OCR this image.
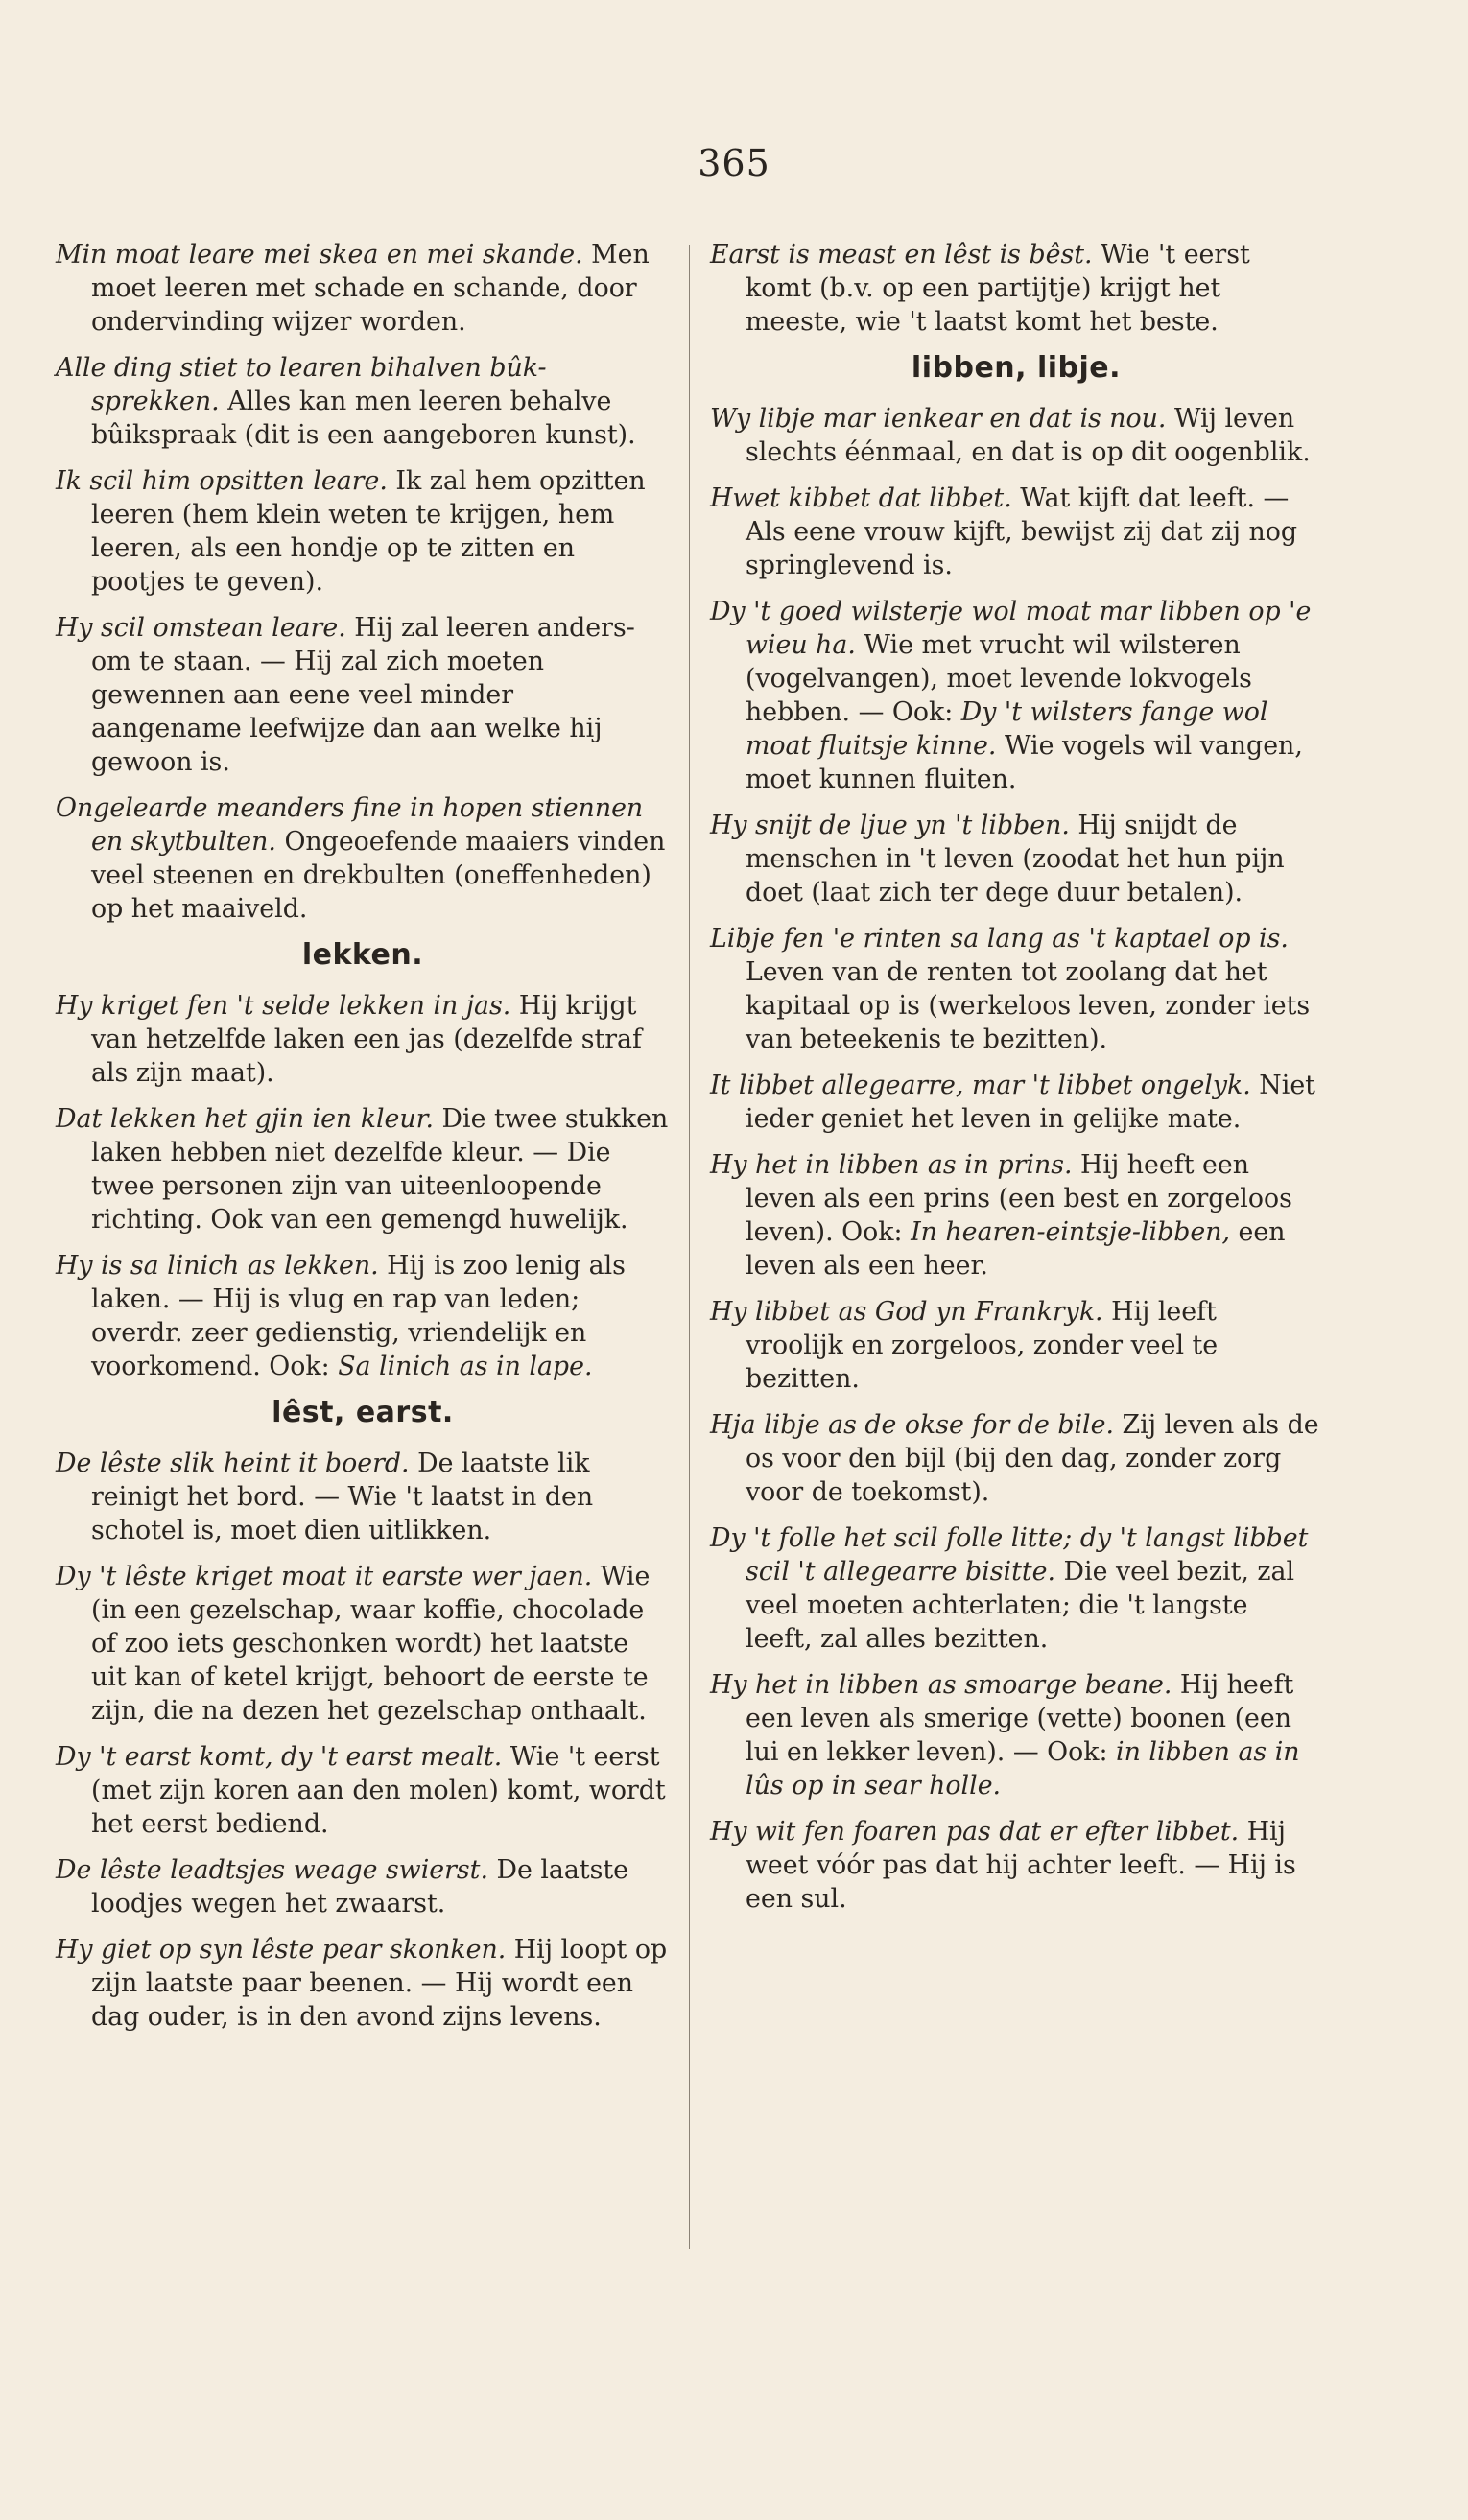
365

Min moat leare mei skea en mei skande. Men moet leeren met schade en schande, door ondervinding wijzer worden.

Alle ding stiet to learen bihalven bûk-sprekken. Alles kan men leeren behalve bûikspraak (dit is een aangeboren kunst).

Ik scil him opsitten leare. Ik zal hem opzitten leeren (hem klein weten te krijgen, hem leeren, als een hondje op te zitten en pootjes te geven).

Hy scil omstean leare. Hij zal leeren anders-om te staan. — Hij zal zich moeten gewennen aan eene veel minder aangename leefwijze dan aan welke hij gewoon is.

Ongelearde meanders fine in hopen stiennen en skytbulten. Ongeoefende maaiers vinden veel steenen en drekbulten (oneffenheden) op het maaiveld.

lekken.

Hy kriget fen 't selde lekken in jas. Hij krijgt van hetzelfde laken een jas (dezelfde straf als zijn maat).

Dat lekken het gjin ien kleur. Die twee stukken laken hebben niet dezelfde kleur. — Die twee personen zijn van uiteenloopende richting. Ook van een gemengd huwelijk.

Hy is sa linich as lekken. Hij is zoo lenig als laken. — Hij is vlug en rap van leden; overdr. zeer gedienstig, vriendelijk en voorkomend. Ook: Sa linich as in lape.

lêst, earst.

De lêste slik heint it boerd. De laatste lik reinigt het bord. — Wie 't laatst in den schotel is, moet dien uitlikken.

Dy 't lêste kriget moat it earste wer jaen. Wie (in een gezelschap, waar koffie, chocolade of zoo iets geschonken wordt) het laatste uit kan of ketel krijgt, behoort de eerste te zijn, die na dezen het gezelschap onthaalt.

Dy 't earst komt, dy 't earst mealt. Wie 't eerst (met zijn koren aan den molen) komt, wordt het eerst bediend.

De lêste leadtsjes weage swierst. De laatste loodjes wegen het zwaarst.

Hy giet op syn lêste pear skonken. Hij loopt op zijn laatste paar beenen. — Hij wordt een dag ouder, is in den avond zijns levens.

Earst is meast en lêst is bêst. Wie 't eerst komt (b.v. op een partijtje) krijgt het meeste, wie 't laatst komt het beste.

libben, libje.

Wy libje mar ienkear en dat is nou. Wij leven slechts éénmaal, en dat is op dit oogenblik.

Hwet kibbet dat libbet. Wat kijft dat leeft. — Als eene vrouw kijft, bewijst zij dat zij nog springlevend is.

Dy 't goed wilsterje wol moat mar libben op 'e wieu ha. Wie met vrucht wil wilsteren (vogelvangen), moet levende lokvogels hebben. — Ook: Dy 't wilsters fange wol moat fluitsje kinne. Wie vogels wil vangen, moet kunnen fluiten.

Hy snijt de ljue yn 't libben. Hij snijdt de menschen in 't leven (zoodat het hun pijn doet (laat zich ter dege duur betalen).

Libje fen 'e rinten sa lang as 't kaptael op is. Leven van de renten tot zoolang dat het kapitaal op is (werkeloos leven, zonder iets van beteekenis te bezitten).

It libbet allegearre, mar 't libbet ongelyk. Niet ieder geniet het leven in gelijke mate.

Hy het in libben as in prins. Hij heeft een leven als een prins (een best en zorgeloos leven). Ook: In hearen-eintsje-libben, een leven als een heer.

Hy libbet as God yn Frankryk. Hij leeft vroolijk en zorgeloos, zonder veel te bezitten.

Hja libje as de okse for de bile. Zij leven als de os voor den bijl (bij den dag, zonder zorg voor de toekomst).

Dy 't folle het scil folle litte; dy 't langst libbet scil 't allegearre bisitte. Die veel bezit, zal veel moeten achterlaten; die 't langste leeft, zal alles bezitten.

Hy het in libben as smoarge beane. Hij heeft een leven als smerige (vette) boonen (een lui en lekker leven). — Ook: in libben as in lûs op in sear holle.

Hy wit fen foaren pas dat er efter libbet. Hij weet vóór pas dat hij achter leeft. — Hij is een sul.
